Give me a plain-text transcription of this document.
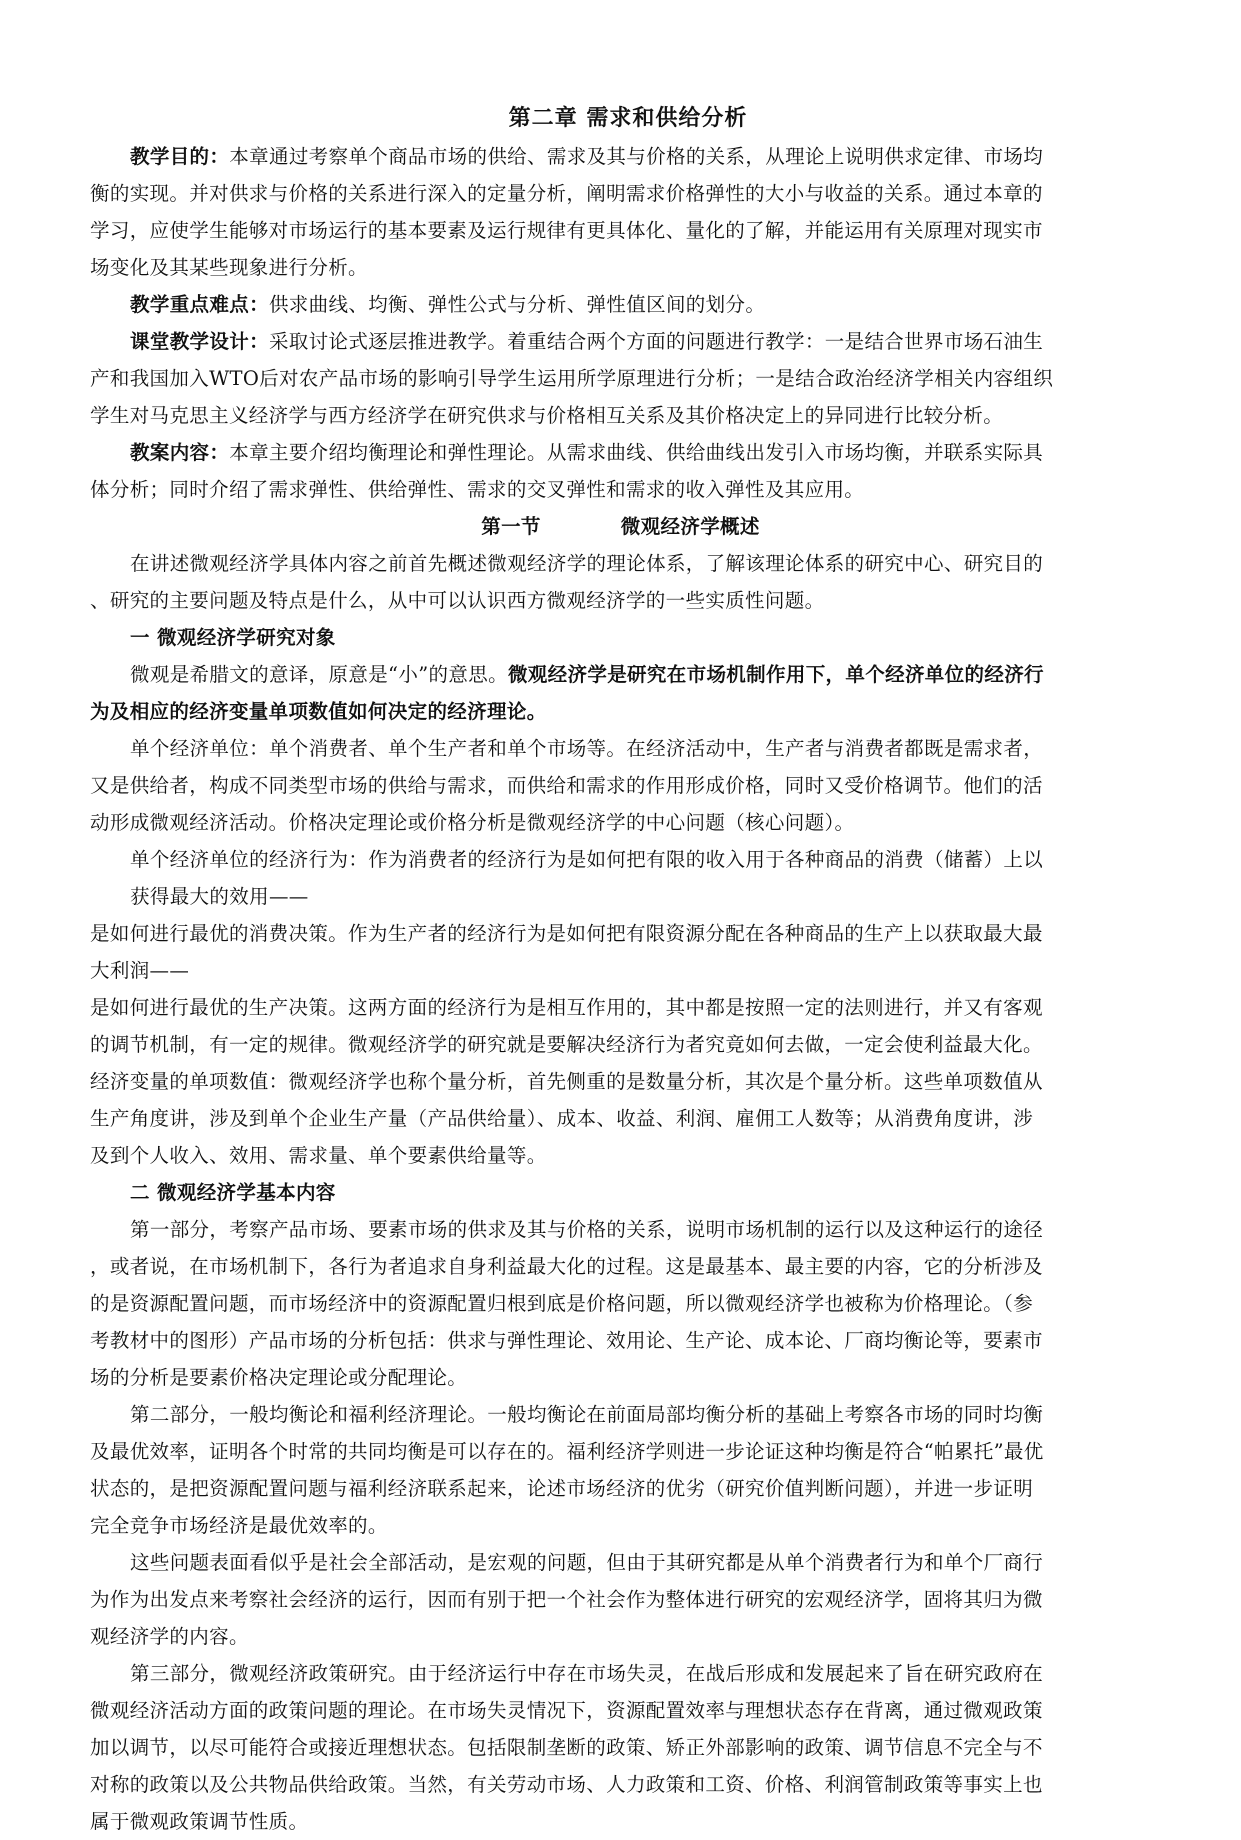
第二章 需求和供给分析
教学目的：本章通过考察单个商品市场的供给、需求及其与价格的关系，从理论上说明供求定律、市场均
衡的实现。并对供求与价格的关系进行深入的定量分析，阐明需求价格弹性的大小与收益的关系。通过本章的
学习，应使学生能够对市场运行的基本要素及运行规律有更具体化、量化的了解，并能运用有关原理对现实市
场变化及其某些现象进行分析。
教学重点难点：供求曲线、均衡、弹性公式与分析、弹性值区间的划分。
课堂教学设计：采取讨论式逐层推进教学。着重结合两个方面的问题进行教学：一是结合世界市场石油生
产和我国加入WTO后对农产品市场的影响引导学生运用所学原理进行分析；一是结合政治经济学相关内容组织
学生对马克思主义经济学与西方经济学在研究供求与价格相互关系及其价格决定上的异同进行比较分析。
教案内容：本章主要介绍均衡理论和弹性理论。从需求曲线、供给曲线出发引入市场均衡，并联系实际具
体分析；同时介绍了需求弹性、供给弹性、需求的交叉弹性和需求的收入弹性及其应用。
第一节	微观经济学概述
在讲述微观经济学具体内容之前首先概述微观经济学的理论体系，了解该理论体系的研究中心、研究目的
、研究的主要问题及特点是什么，从中可以认识西方微观经济学的一些实质性问题。
一 微观经济学研究对象
微观是希腊文的意译，原意是“小”的意思。微观经济学是研究在市场机制作用下，单个经济单位的经济行
为及相应的经济变量单项数值如何决定的经济理论。
单个经济单位：单个消费者、单个生产者和单个市场等。在经济活动中，生产者与消费者都既是需求者，
又是供给者，构成不同类型市场的供给与需求，而供给和需求的作用形成价格，同时又受价格调节。他们的活
动形成微观经济活动。价格决定理论或价格分析是微观经济学的中心问题（核心问题）。
单个经济单位的经济行为：作为消费者的经济行为是如何把有限的收入用于各种商品的消费（储蓄）上以
获得最大的效用——
是如何进行最优的消费决策。作为生产者的经济行为是如何把有限资源分配在各种商品的生产上以获取最大最
大利润——
是如何进行最优的生产决策。这两方面的经济行为是相互作用的，其中都是按照一定的法则进行，并又有客观
的调节机制，有一定的规律。微观经济学的研究就是要解决经济行为者究竟如何去做，一定会使利益最大化。
经济变量的单项数值：微观经济学也称个量分析，首先侧重的是数量分析，其次是个量分析。这些单项数值从
生产角度讲，涉及到单个企业生产量（产品供给量）、成本、收益、利润、雇佣工人数等；从消费角度讲，涉
及到个人收入、效用、需求量、单个要素供给量等。
二 微观经济学基本内容
第一部分，考察产品市场、要素市场的供求及其与价格的关系，说明市场机制的运行以及这种运行的途径
，或者说，在市场机制下，各行为者追求自身利益最大化的过程。这是最基本、最主要的内容，它的分析涉及
的是资源配置问题，而市场经济中的资源配置归根到底是价格问题，所以微观经济学也被称为价格理论。（参
考教材中的图形）产品市场的分析包括：供求与弹性理论、效用论、生产论、成本论、厂商均衡论等，要素市
场的分析是要素价格决定理论或分配理论。
第二部分，一般均衡论和福利经济理论。一般均衡论在前面局部均衡分析的基础上考察各市场的同时均衡
及最优效率，证明各个时常的共同均衡是可以存在的。福利经济学则进一步论证这种均衡是符合“帕累托”最优
状态的，是把资源配置问题与福利经济联系起来，论述市场经济的优劣（研究价值判断问题），并进一步证明
完全竞争市场经济是最优效率的。
这些问题表面看似乎是社会全部活动，是宏观的问题，但由于其研究都是从单个消费者行为和单个厂商行
为作为出发点来考察社会经济的运行，因而有别于把一个社会作为整体进行研究的宏观经济学，固将其归为微
观经济学的内容。
第三部分，微观经济政策研究。由于经济运行中存在市场失灵，在战后形成和发展起来了旨在研究政府在
微观经济活动方面的政策问题的理论。在市场失灵情况下，资源配置效率与理想状态存在背离，通过微观政策
加以调节，以尽可能符合或接近理想状态。包括限制垄断的政策、矫正外部影响的政策、调节信息不完全与不
对称的政策以及公共物品供给政策。当然，有关劳动市场、人力政策和工资、价格、利润管制政策等事实上也
属于微观政策调节性质。
